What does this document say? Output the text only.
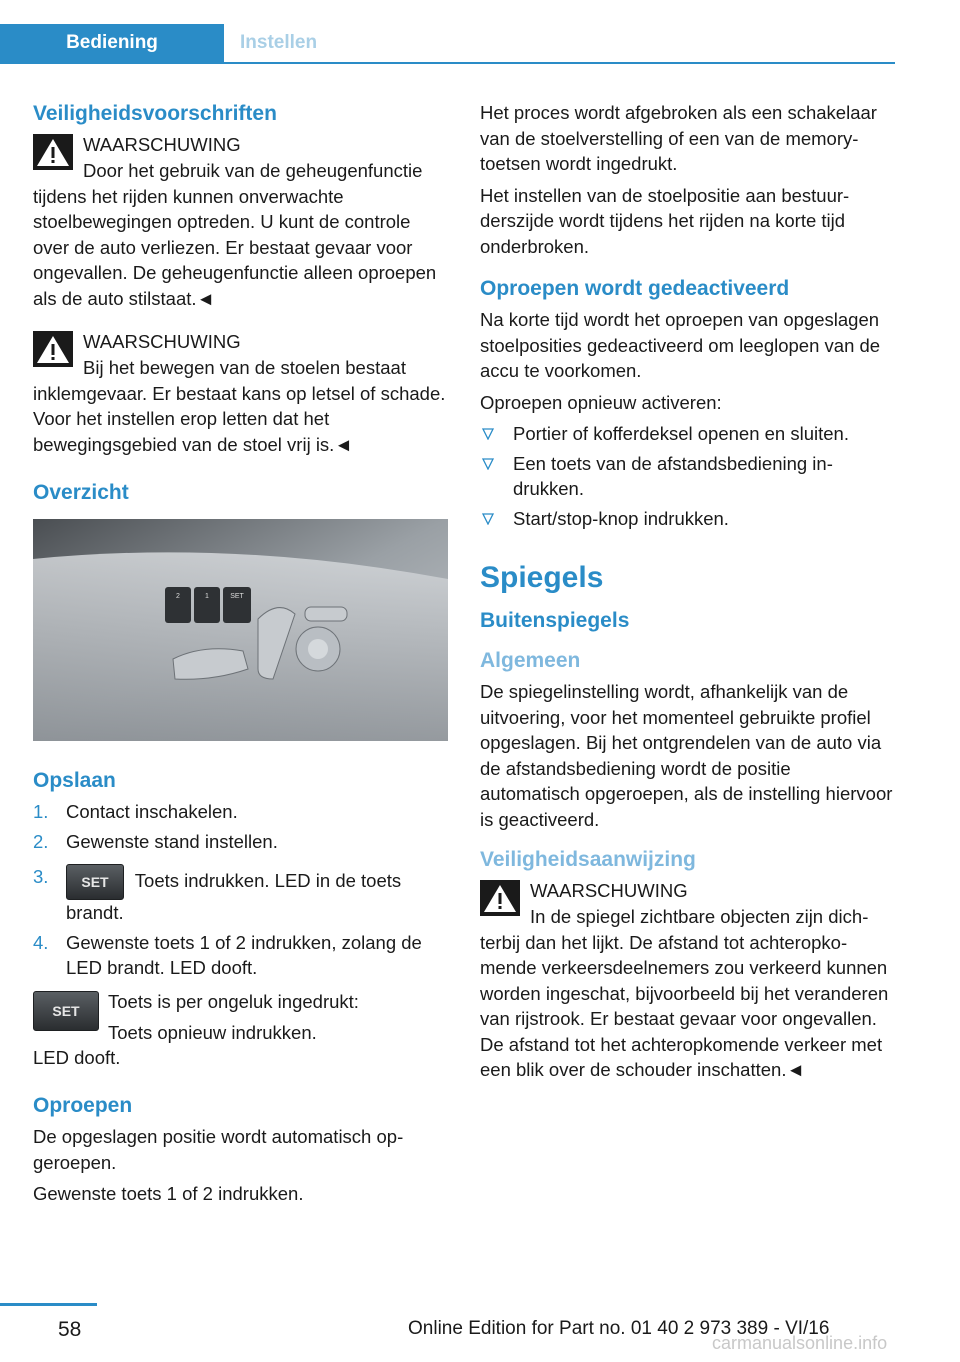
Bediening	Instellen
Veiligheidsvoorschriften
WAARSCHUWING

Door het gebruik van de geheugenfunctie tijdens het rijden kunnen onverwachte stoelbewegingen optreden. U kunt de controle over de auto verliezen. Er bestaat gevaar voor ongevallen. De geheugenfunctie alleen oproepen als de auto stilstaat.◄

WAARSCHUWING

Bij het bewegen van de stoelen bestaat inklemgevaar. Er bestaat kans op letsel of schade. Voor het instellen erop letten dat het bewegingsgebied van de stoel vrij is.◄

Overzicht
2	1	SET
Opslaan
1. Contact inschakelen.
2. Gewenste stand instellen.
3. SET Toets indrukken. LED in de toets brandt.
4. Gewenste toets 1 of 2 indrukken, zolang de LED brandt. LED dooft.
SET	Toets is per ongeluk ingedrukt:
Toets opnieuw indrukken.

LED dooft.

Oproepen

De opgeslagen positie wordt automatisch opgeroepen.

Gewenste toets 1 of 2 indrukken.

Het proces wordt afgebroken als een schakelaar van de stoelverstelling of een van de memory-toetsen wordt ingedrukt.

Het instellen van de stoelpositie aan bestuurderszijde wordt tijdens het rijden na korte tijd onderbroken.

Oproepen wordt gedeactiveerd

Na korte tijd wordt het oproepen van opgeslagen stoelposities gedeactiveerd om leeglopen van de accu te voorkomen.

Oproepen opnieuw activeren:

Portier of kofferdeksel openen en sluiten.
Een toets van de afstandsbediening indrukken.
Start/stop-knop indrukken.
Spiegels
Buitenspiegels
Algemeen

De spiegelinstelling wordt, afhankelijk van de uitvoering, voor het momenteel gebruikte profiel opgeslagen. Bij het ontgrendelen van de auto via de afstandsbediening wordt de positie automatisch opgeroepen, als de instelling hiervoor is geactiveerd.

Veiligheidsaanwijzing
WAARSCHUWING

In de spiegel zichtbare objecten zijn dichterbij dan het lijkt. De afstand tot achteropkomende verkeersdeelnemers zou verkeerd kunnen worden ingeschat, bijvoorbeeld bij het veranderen van rijstrook. Er bestaat gevaar voor ongevallen. De afstand tot het achteropkomende verkeer met een blik over de schouder inschatten.◄

58	Online Edition for Part no. 01 40 2 973 389 - VI/16
carmanualsonline.info
